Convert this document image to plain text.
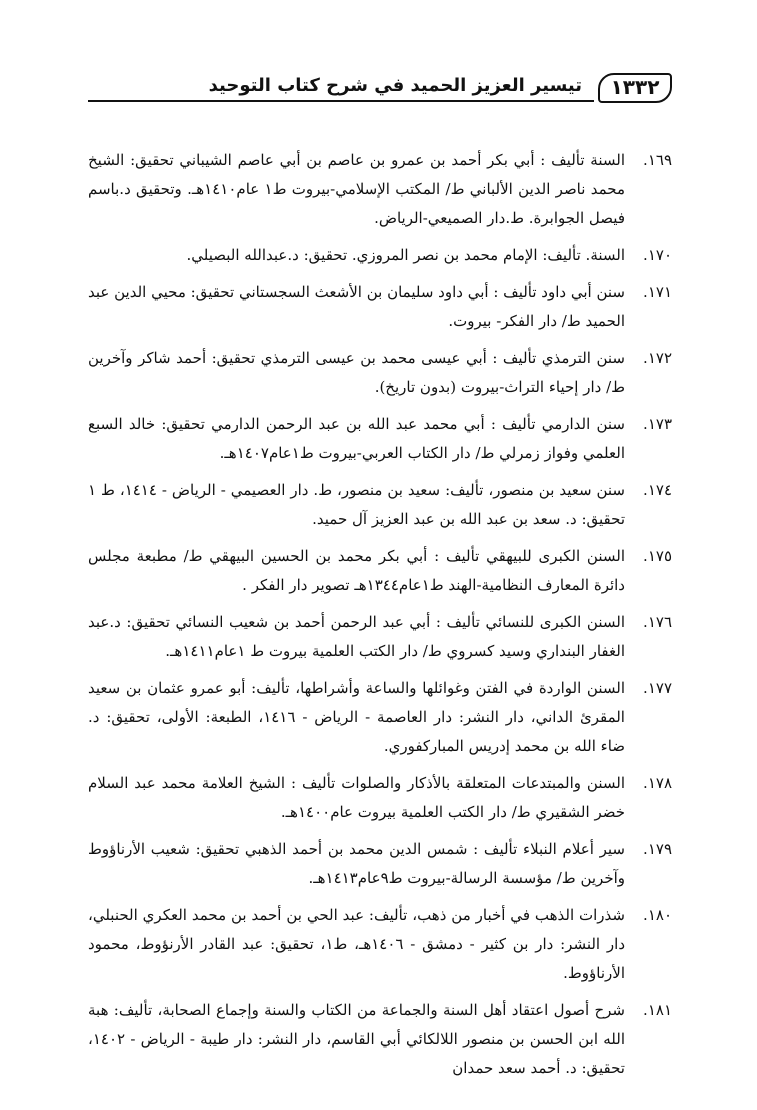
١٣٣٢
تيسير العزيز الحميد في شرح كتاب التوحيد
١٦٩.
السنة تأليف : أبي بكر أحمد بن عمرو بن عاصم بن أبي عاصم الشيباني تحقيق: الشيخ محمد ناصر الدين الألباني ط/ المكتب الإسلامي-بيروت ط١ عام١٤١٠هـ. وتحقيق د.باسم فيصل الجوابرة. ط.دار الصميعي-الرياض.
١٧٠.
السنة. تأليف: الإمام محمد بن نصر المروزي. تحقيق: د.عبدالله البصيلي.
١٧١.
سنن أبي داود تأليف : أبي داود سليمان بن الأشعث السجستاني تحقيق: محيي الدين عبد الحميد ط/ دار الفكر- بيروت.
١٧٢.
سنن الترمذي تأليف : أبي عيسى محمد بن عيسى الترمذي تحقيق: أحمد شاكر وآخرين ط/ دار إحياء التراث-بيروت (بدون تاريخ).
١٧٣.
سنن الدارمي تأليف : أبي محمد عبد الله بن عبد الرحمن الدارمي تحقيق: خالد السبع العلمي وفواز زمرلي ط/ دار الكتاب العربي-بيروت ط١عام١٤٠٧هـ.
١٧٤.
سنن سعيد بن منصور، تأليف: سعيد بن منصور، ط. دار العصيمي - الرياض - ١٤١٤، ط ١ تحقيق: د. سعد بن عبد الله بن عبد العزيز آل حميد.
١٧٥.
السنن الكبرى للبيهقي تأليف : أبي بكر محمد بن الحسين البيهقي ط/ مطبعة مجلس دائرة المعارف النظامية-الهند ط١عام١٣٤٤هـ تصوير دار الفكر .
١٧٦.
السنن الكبرى للنسائي تأليف : أبي عبد الرحمن أحمد بن شعيب النسائي تحقيق: د.عبد الغفار البنداري وسيد كسروي ط/ دار الكتب العلمية بيروت ط ١عام١٤١١هـ.
١٧٧.
السنن الواردة في الفتن وغوائلها والساعة وأشراطها، تأليف: أبو عمرو عثمان بن سعيد المقرئ الداني، دار النشر: دار العاصمة - الرياض - ١٤١٦، الطبعة: الأولى، تحقيق: د. ضاء الله بن محمد إدريس المباركفوري.
١٧٨.
السنن والمبتدعات المتعلقة بالأذكار والصلوات تأليف : الشيخ العلامة محمد عبد السلام خضر الشقيري ط/ دار الكتب العلمية بيروت عام١٤٠٠هـ.
١٧٩.
سير أعلام النبلاء تأليف : شمس الدين محمد بن أحمد الذهبي تحقيق: شعيب الأرناؤوط وآخرين ط/ مؤسسة الرسالة-بيروت ط٩عام١٤١٣هـ.
١٨٠.
شذرات الذهب في أخبار من ذهب، تأليف: عبد الحي بن أحمد بن محمد العكري الحنبلي، دار النشر: دار بن كثير - دمشق - ١٤٠٦هـ، ط١، تحقيق: عبد القادر الأرنؤوط، محمود الأرناؤوط.
١٨١.
شرح أصول اعتقاد أهل السنة والجماعة من الكتاب والسنة وإجماع الصحابة، تأليف: هبة الله ابن الحسن بن منصور اللالكائي أبي القاسم، دار النشر: دار طيبة - الرياض - ١٤٠٢، تحقيق: د. أحمد سعد حمدان
